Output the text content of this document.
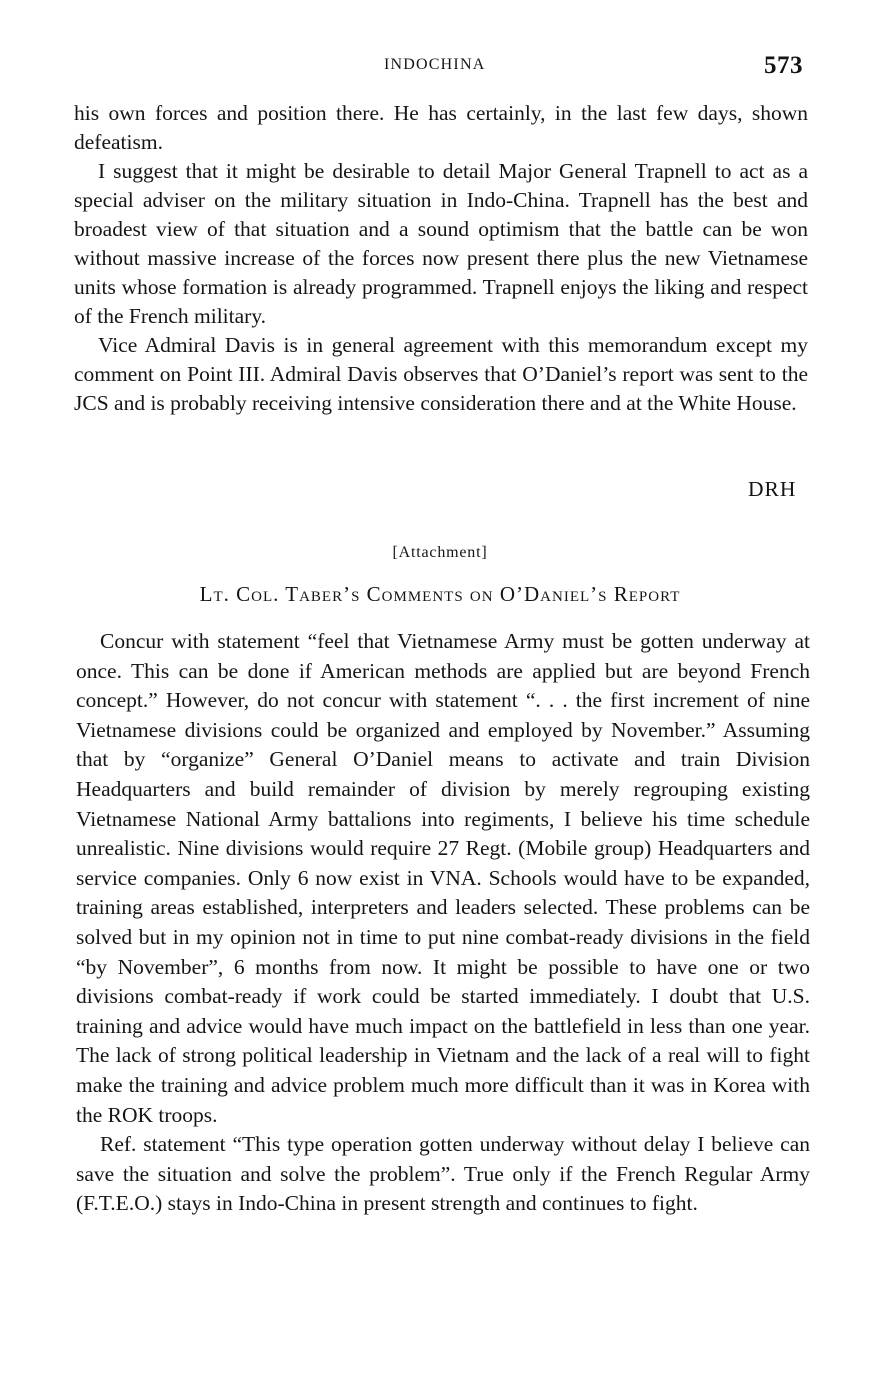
INDOCHINA	573

his own forces and position there. He has certainly, in the last few days, shown defeatism.

I suggest that it might be desirable to detail Major General Trapnell to act as a special adviser on the military situation in Indo-China. Trapnell has the best and broadest view of that situation and a sound optimism that the battle can be won without massive increase of the forces now present there plus the new Vietnamese units whose formation is already programmed. Trapnell enjoys the liking and respect of the French military.

Vice Admiral Davis is in general agreement with this memorandum except my comment on Point III. Admiral Davis observes that O’Daniel’s report was sent to the JCS and is probably receiving intensive consideration there and at the White House.

DRH
[Attachment]
Lt. Col. Taber’s Comments on O’Daniel’s Report

Concur with statement “feel that Vietnamese Army must be gotten underway at once. This can be done if American methods are applied but are beyond French concept.” However, do not concur with statement “. . . the first increment of nine Vietnamese divisions could be organized and employed by November.” Assuming that by “organize” General O’Daniel means to activate and train Division Headquarters and build remainder of division by merely regrouping existing Vietnamese National Army battalions into regiments, I believe his time schedule unrealistic. Nine divisions would require 27 Regt. (Mobile group) Headquarters and service companies. Only 6 now exist in VNA. Schools would have to be expanded, training areas established, interpreters and leaders selected. These problems can be solved but in my opinion not in time to put nine combat-ready divisions in the field “by November”, 6 months from now. It might be possible to have one or two divisions combat-ready if work could be started immediately. I doubt that U.S. training and advice would have much impact on the battlefield in less than one year. The lack of strong political leadership in Vietnam and the lack of a real will to fight make the training and advice problem much more difficult than it was in Korea with the ROK troops.

Ref. statement “This type operation gotten underway without delay I believe can save the situation and solve the problem”. True only if the French Regular Army (F.T.E.O.) stays in Indo-China in present strength and continues to fight.
